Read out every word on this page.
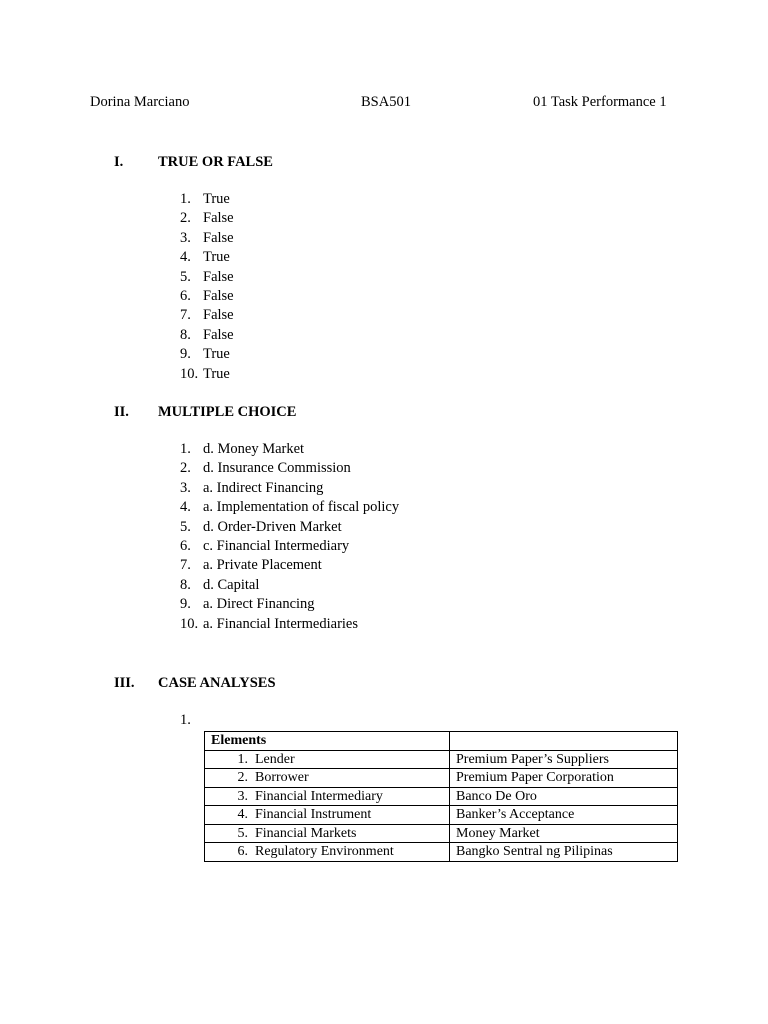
Dorina Marciano	BSA501	01 Task Performance 1
I. TRUE OR FALSE
1. True
2. False
3. False
4. True
5. False
6. False
7. False
8. False
9. True
10. True
II. MULTIPLE CHOICE
1. d. Money Market
2. d. Insurance Commission
3. a. Indirect Financing
4. a. Implementation of fiscal policy
5. d. Order-Driven Market
6. c. Financial Intermediary
7. a. Private Placement
8. d. Capital
9. a. Direct Financing
10. a. Financial Intermediaries
III. CASE ANALYSES
1.
Elements	
1. Lender	Premium Paper’s Suppliers
2. Borrower	Premium Paper Corporation
3. Financial Intermediary	Banco De Oro
4. Financial Instrument	Banker’s Acceptance
5. Financial Markets	Money Market
6. Regulatory Environment	Bangko Sentral ng Pilipinas
